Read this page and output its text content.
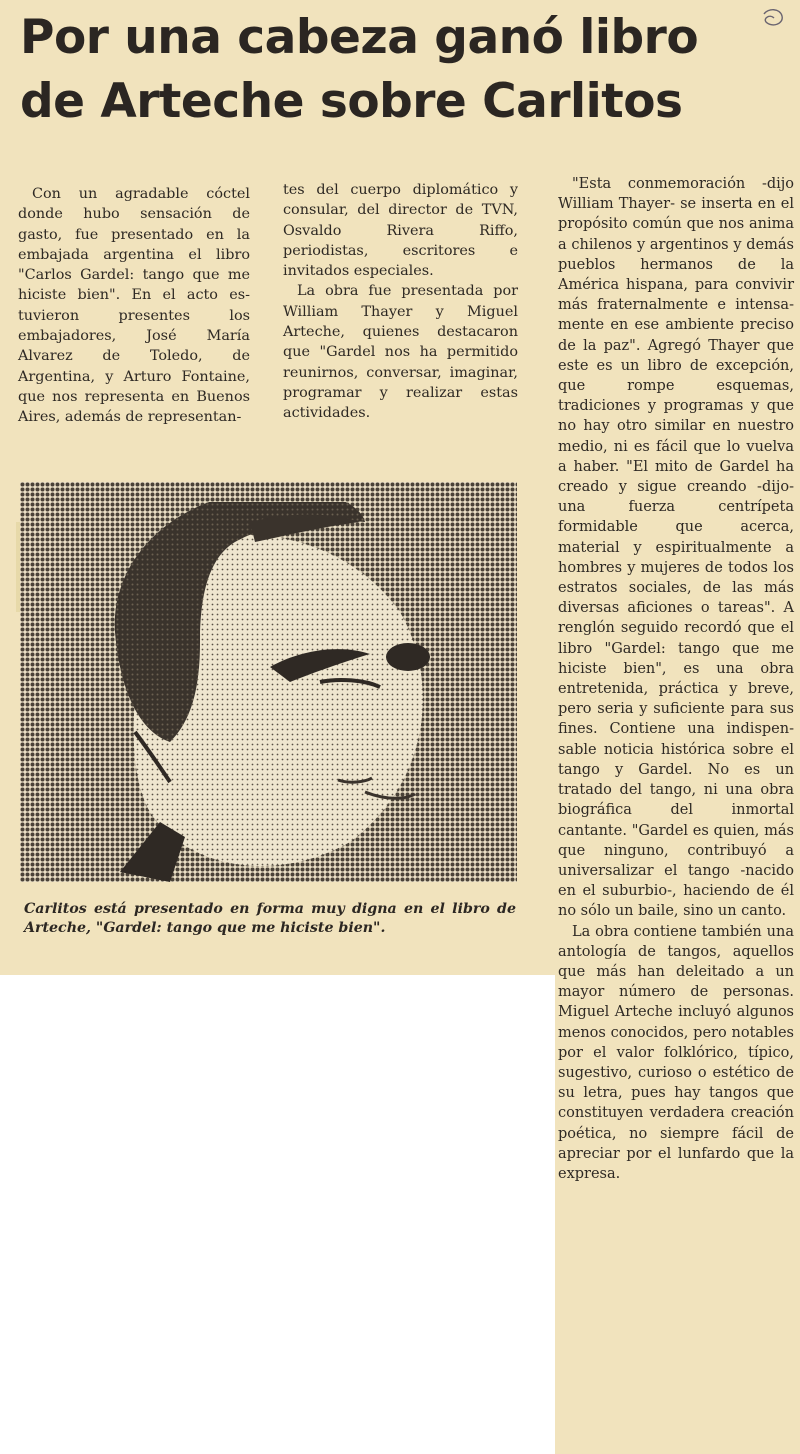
Por una cabeza ganó libro
de Arteche sobre Carlitos

Con un agradable cóctel donde hubo sensación de gasto, fue presentado en la embajada argentina el libro "Carlos Gardel: tango que me hiciste bien". En el acto estuvieron presentes los embajadores, José María Alvarez de Toledo, de Argentina, y Arturo Fontaine, que nos representa en Buenos Aires, además de representan-

tes del cuerpo diplomático y consular, del director de TVN, Osvaldo Rivera Riffo, periodistas, escritores e invitados especiales.

La obra fue presentada por William Thayer y Miguel Arteche, quienes destacaron que "Gardel nos ha permitido reunirnos, conversar, imaginar, programar y realizar estas actividades.

Carlitos está presentado en forma muy digna en el libro de Arteche, "Gardel: tango que me hiciste bien".

"Esta conmemoración -dijo William Thayer- se inserta en el propósito común que nos anima a chilenos y argentinos y demás pueblos hermanos de la América hispana, para convivir más fraternalmente e intensamente en ese ambiente preciso de la paz". Agregó Thayer que este es un libro de excepción, que rompe esquemas, tradiciones y programas y que no hay otro similar en nuestro medio, ni es fácil que lo vuelva a haber. "El mito de Gardel ha creado y sigue creando -dijo- una fuerza centrípeta formidable que acerca, material y espiritualmente a hombres y mujeres de todos los estratos sociales, de las más diversas aficiones o tareas". A renglón seguido recordó que el libro "Gardel: tango que me hiciste bien", es una obra entretenida, práctica y breve, pero seria y suficiente para sus fines. Contiene una indispensable noticia histórica sobre el tango y Gardel. No es un tratado del tango, ni una obra biográfica del inmortal cantante. "Gardel es quien, más que ninguno, contribuyó a universalizar el tango -nacido en el suburbio-, haciendo de él no sólo un baile, sino un canto.

La obra contiene también una antología de tangos, aquellos que más han deleitado a un mayor número de personas. Miguel Arteche incluyó algunos menos conocidos, pero notables por el valor folklórico, típico, sugestivo, curioso o estético de su letra, pues hay tangos que constituyen verdadera creación poética, no siempre fácil de apreciar por el lunfardo que la expresa.
